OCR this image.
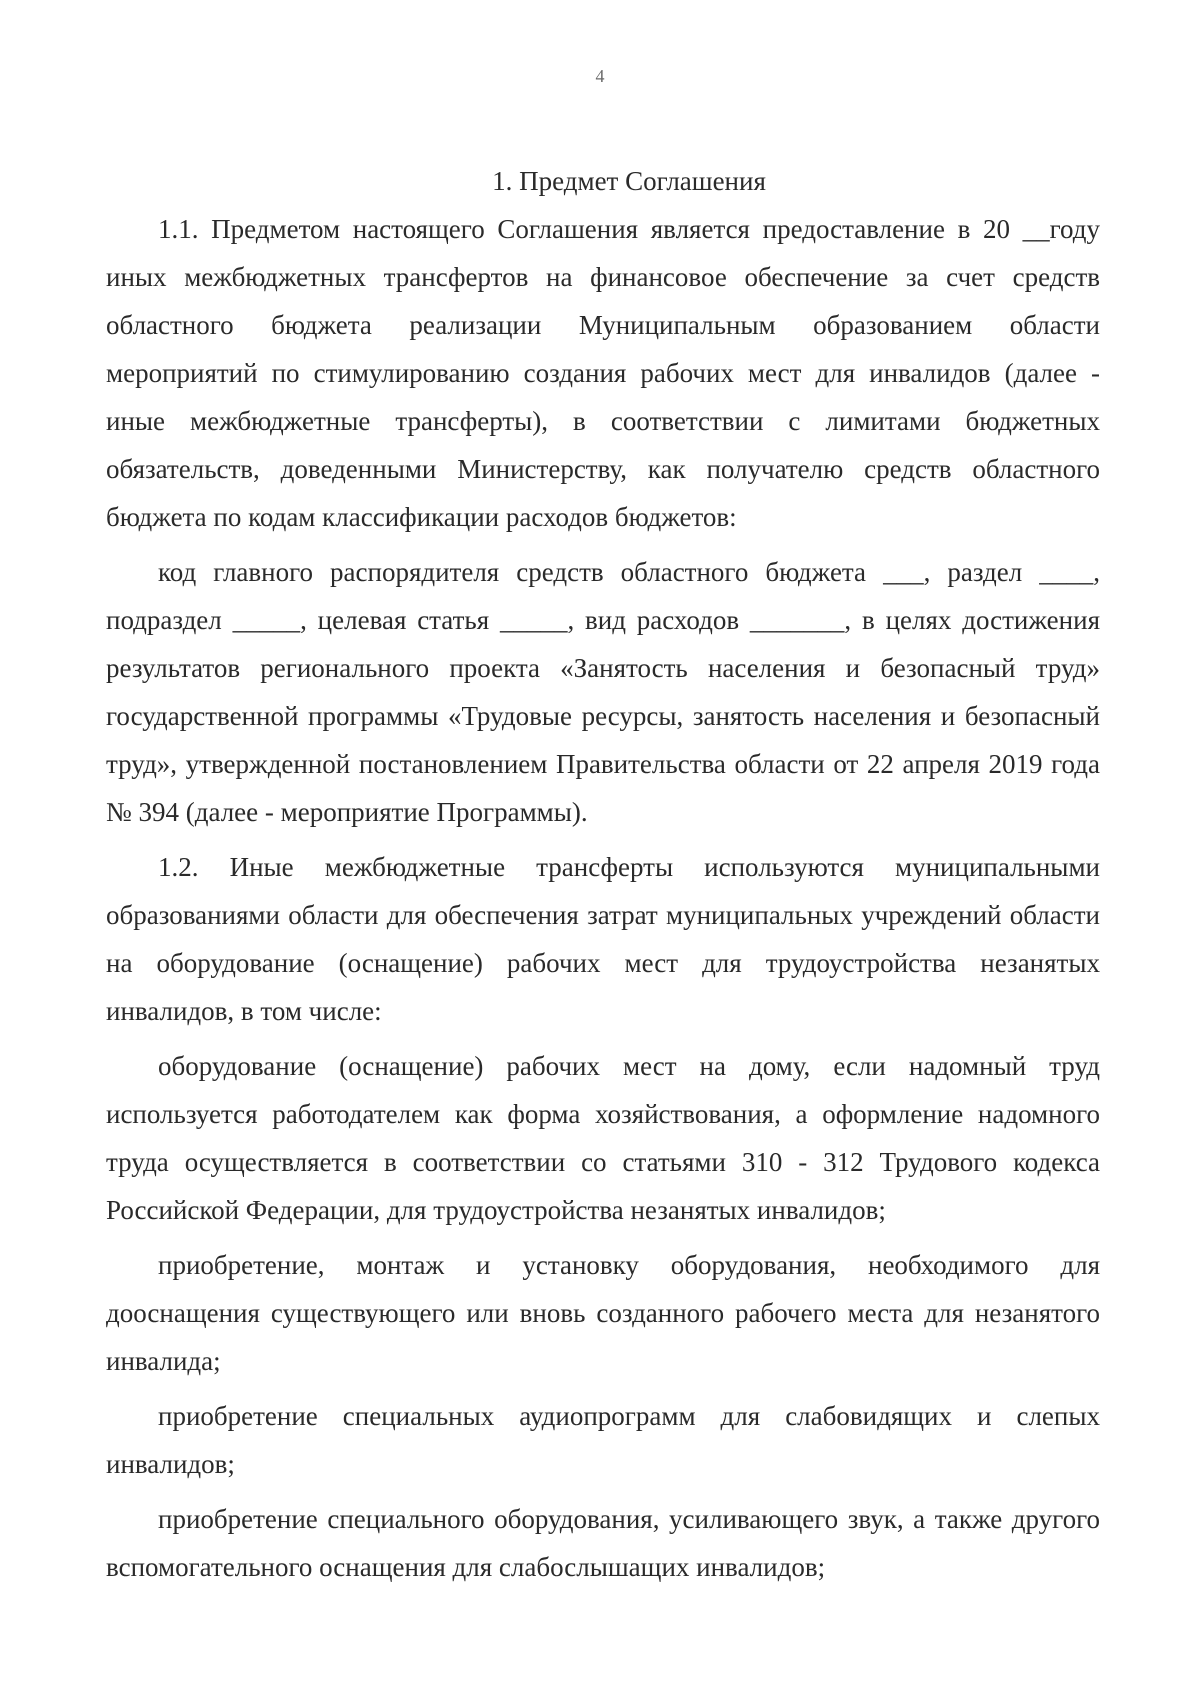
4
1. Предмет Соглашения

1.1. Предметом настоящего Соглашения является предоставление в 20 __году иных межбюджетных трансфертов на финансовое обеспечение за счет средств областного бюджета реализации Муниципальным образованием области мероприятий по стимулированию создания рабочих мест для инвалидов (далее - иные межбюджетные трансферты), в соответствии с лимитами бюджетных обязательств, доведенными Министерству, как получателю средств областного бюджета по кодам классификации расходов бюджетов:

код главного распорядителя средств областного бюджета ___, раздел ____, подраздел _____, целевая статья _____, вид расходов _______, в целях достижения результатов регионального проекта «Занятость населения и безопасный труд» государственной программы «Трудовые ресурсы, занятость населения и безопасный труд», утвержденной постановлением Правительства области от 22 апреля 2019 года № 394 (далее - мероприятие Программы).

1.2. Иные межбюджетные трансферты используются муниципальными образованиями области для обеспечения затрат муниципальных учреждений области на оборудование (оснащение) рабочих мест для трудоустройства незанятых инвалидов, в том числе:

оборудование (оснащение) рабочих мест на дому, если надомный труд используется работодателем как форма хозяйствования, а оформление надомного труда осуществляется в соответствии со статьями 310 - 312 Трудового кодекса Российской Федерации, для трудоустройства незанятых инвалидов;

приобретение, монтаж и установку оборудования, необходимого для дооснащения существующего или вновь созданного рабочего места для незанятого инвалида;

приобретение специальных аудиопрограмм для слабовидящих и слепых инвалидов;

приобретение специального оборудования, усиливающего звук, а также другого вспомогательного оснащения для слабослышащих инвалидов;
